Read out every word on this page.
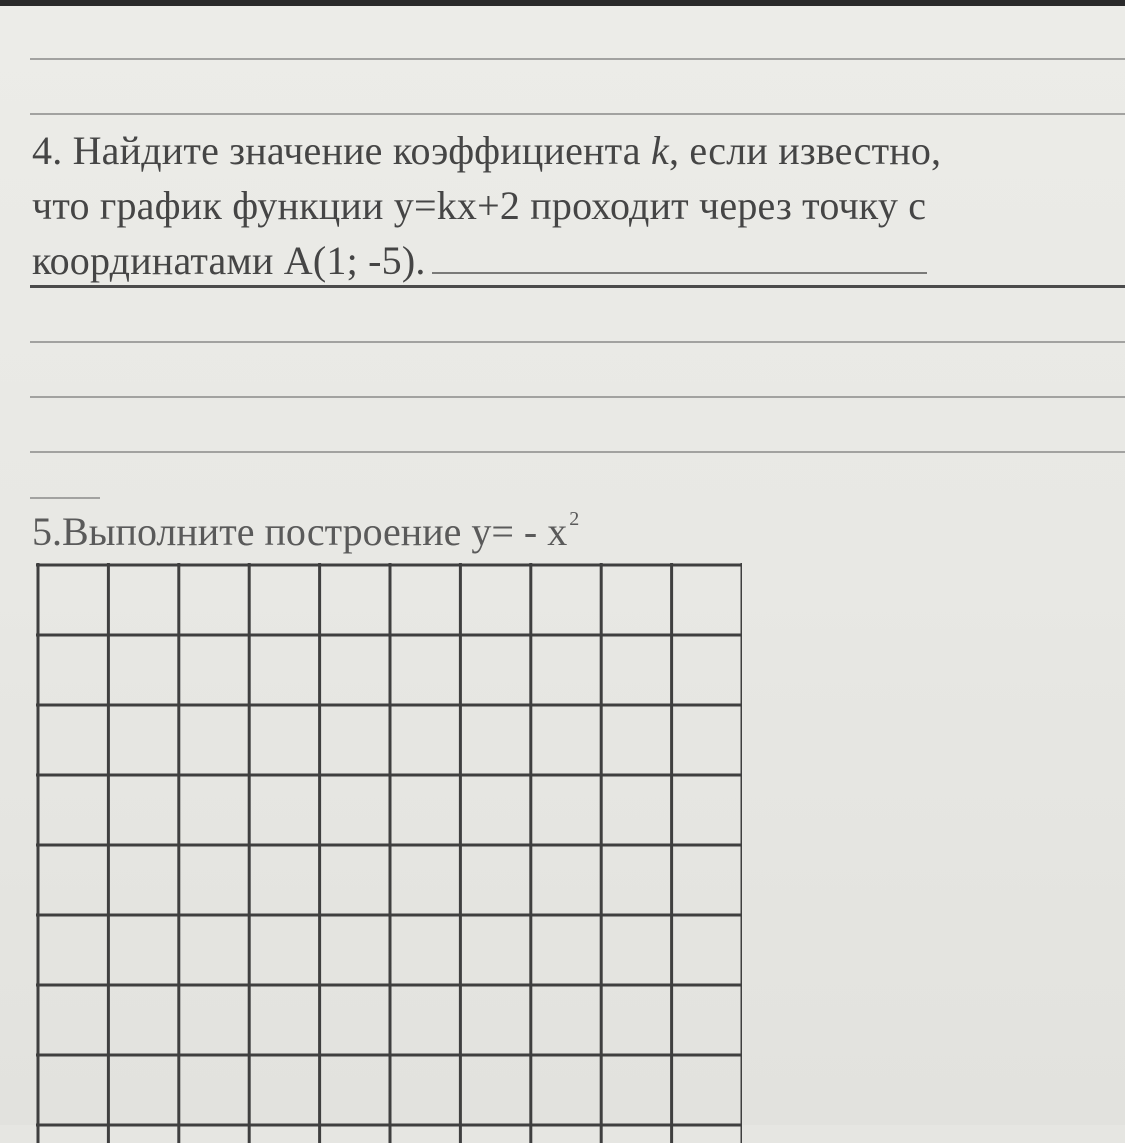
4. Найдите значение коэффициента k, если известно,
что график функции y=kx+2 проходит через точку с
координатами A(1; -5).
5.Выполните построение y= - x $^2$
